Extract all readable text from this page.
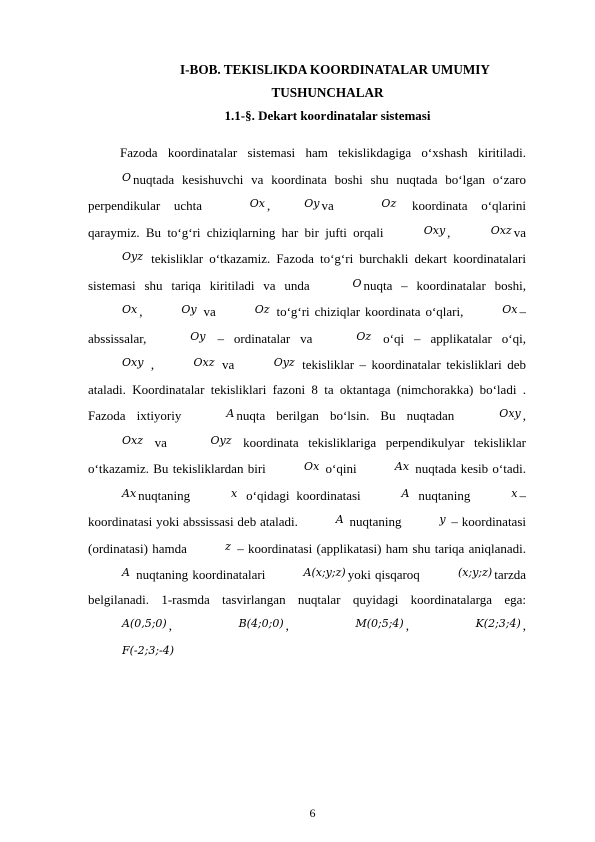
I-BOB. TEKISLIKDA KOORDINATALAR UMUMIY
TUSHUNCHALAR
1.1-§. Dekart koordinatalar sistemasi

Fazoda koordinatalar sistemasi ham tekislikdagiga o‘xshash kiritiladi. O nuqtada kesishuvchi va koordinata boshi shu nuqtada bo‘lgan o‘zaro perpendikular uchta	Ox ,	Oy va	Oz koordinata o‘qlarini qaraymiz. Bu to‘g‘ri chiziqlarning har bir jufti orqali	Oxy ,	Oxz va Oyz tekisliklar o‘tkazamiz. Fazoda to‘g‘ri burchakli dekart koordinatalari sistemasi shu tariqa kiritiladi va unda	O nuqta – koordinatalar boshi, Ox ,	Oy va	Oz to‘g‘ri chiziqlar koordinata o‘qlari,	Ox – abssissalar,	Oy – ordinatalar va	Oz o‘qi – applikatalar o‘qi, Oxy ,	Oxz va	Oyz tekisliklar – koordinatalar tekisliklari deb ataladi. Koordinatalar tekisliklari fazoni 8 ta oktantaga (nimchorakka) bo‘ladi . Fazoda ixtiyoriy	A nuqta berilgan bo‘lsin. Bu nuqtadan	Oxy , Oxz va	Oyz koordinata tekisliklariga perpendikulyar tekisliklar o‘tkazamiz. Bu tekisliklardan biri	Ox o‘qini	Ax nuqtada kesib o‘tadi. Ax nuqtaning	x o‘qidagi koordinatasi	A nuqtaning	x – koordinatasi yoki abssissasi deb ataladi.	A nuqtaning	y – koordinatasi (ordinatasi) hamda	z – koordinatasi (applikatasi) ham shu tariqa aniqlanadi. A nuqtaning koordinatalari	A(x;y;z) yoki qisqaroq	(x;y;z) tarzda belgilanadi. 1-rasmda tasvirlangan nuqtalar quyidagi koordinatalarga ega: A(0,5;0) ,	B(4;0;0) ,	M(0;5;4) ,	K(2;3;4) , F(-2;3;-4)

6
